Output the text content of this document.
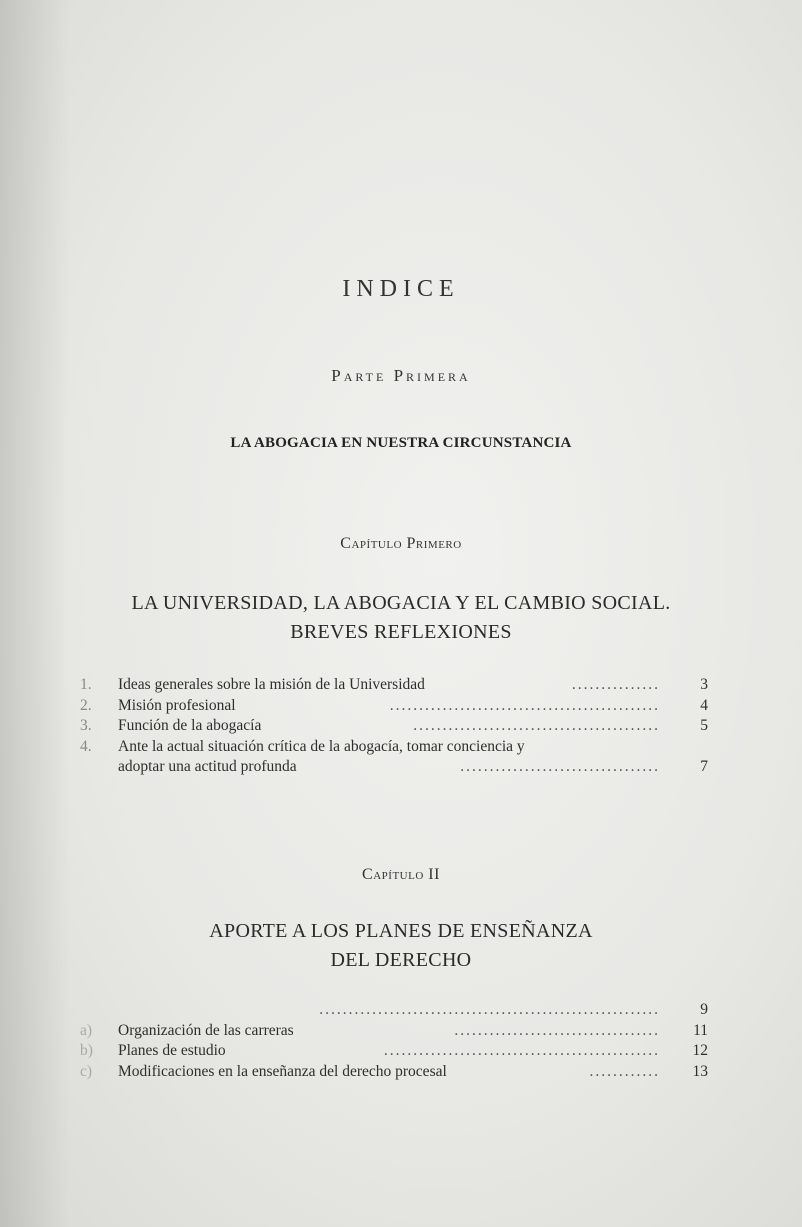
INDICE
Parte Primera
LA ABOGACIA EN NUESTRA CIRCUNSTANCIA
Capítulo Primero
LA UNIVERSIDAD, LA ABOGACIA Y EL CAMBIO SOCIAL.
BREVES REFLEXIONES
1.	Ideas generales sobre la misión de la Universidad	...............	3
2.	Misión profesional	..............................................	4
3.	Función de la abogacía	..........................................	5
4.	Ante la actual situación crítica de la abogacía, tomar conciencia y
adoptar una actitud profunda	..................................	7
Capítulo II
APORTE A LOS PLANES DE ENSEÑANZA
DEL DERECHO
..........................................................	9
a)	Organización de las carreras	...................................	11
b)	Planes de estudio	...............................................	12
c)	Modificaciones en la enseñanza del derecho procesal	............	13
